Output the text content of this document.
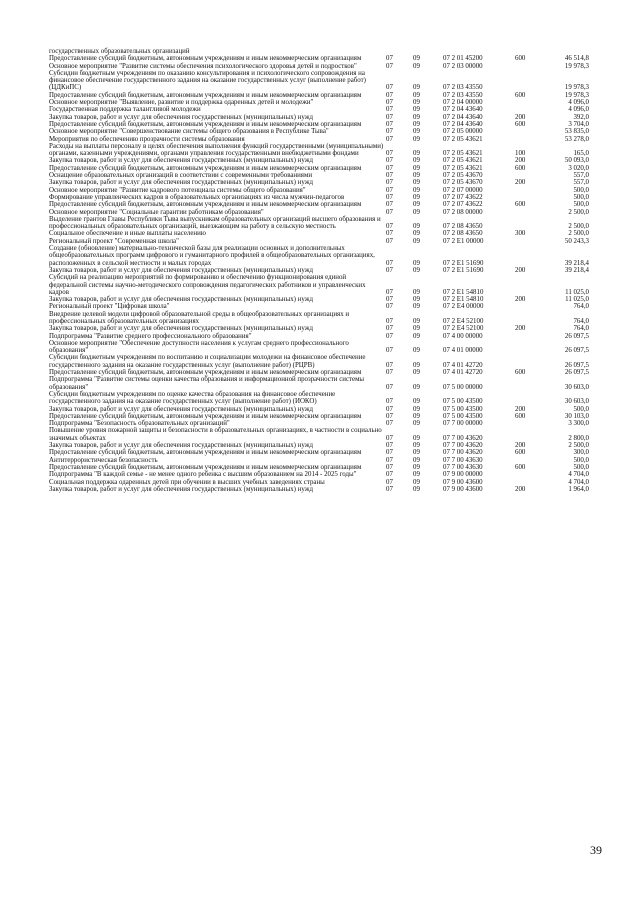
государственных образовательных организаций
Предоставление субсидий бюджетным, автономным учреждениям и иным некоммерческим организациям	07	09	07 2 01 45200	600	46 514,8
Основное мероприятие "Развитие системы обеспечения психологического здоровья детей и подростков"	07	09	07 2 03 00000	19 978,3
Субсидии бюджетным учреждениям по оказанию консультирования и психологического сопровождения на финансовое обеспечение государственного задания на оказание государственных услуг (выполнение работ) (ЦДКиПС)	07	09	07 2 03 43550	19 978,3
Предоставление субсидий бюджетным, автономным учреждениям и иным некоммерческим организациям	07	09	07 2 03 43550	600	19 978,3
Основное мероприятие "Выявление, развитие и поддержка одаренных детей и молодежи"	07	09	07 2 04 00000	4 096,0
Государственная поддержка талантливой молодежи	07	09	07 2 04 43640	4 096,0
Закупка товаров, работ и услуг для обеспечения государственных (муниципальных) нужд	07	09	07 2 04 43640	200	392,0
Предоставление субсидий бюджетным, автономным учреждениям и иным некоммерческим организациям	07	09	07 2 04 43640	600	3 704,0
Основное мероприятие "Совершенствование системы общего образования в Республике Тыва"	07	09	07 2 05 00000	53 835,0
Мероприятия по обеспечению прозрачности системы образования	07	09	07 2 05 43621	53 278,0
Расходы на выплаты персоналу в целях обеспечения выполнения функций государственными (муниципальными) органами, казенными учреждениями, органами управления государственными внебюджетными фондами	07	09	07 2 05 43621	100	165,0
Закупка товаров, работ и услуг для обеспечения государственных (муниципальных) нужд	07	09	07 2 05 43621	200	50 093,0
Предоставление субсидий бюджетным, автономным учреждениям и иным некоммерческим организациям	07	09	07 2 05 43621	600	3 020,0
Оснащение образовательных организаций в соответствии с современными требованиями	07	09	07 2 05 43670	557,0
Закупка товаров, работ и услуг для обеспечения государственных (муниципальных) нужд	07	09	07 2 05 43670	200	557,0
Основное мероприятие "Развитие кадрового потенциала системы общего образования"	07	09	07 2 07 00000	500,0
Формирование управленческих кадров в образовательных организациях из числа мужчин-педагогов	07	09	07 2 07 43622	500,0
Предоставление субсидий бюджетным, автономным учреждениям и иным некоммерческим организациям	07	09	07 2 07 43622	600	500,0
Основное мероприятие "Социальные гарантии работникам образования"	07	09	07 2 08 00000	2 500,0
Выделение грантов Главы Республики Тыва выпускникам образовательных организаций высшего образования и профессиональных образовательных организаций, выезжающим на работу в сельскую местность	07	09	07 2 08 43650	2 500,0
Социальное обеспечение и иные выплаты населению	07	09	07 2 08 43650	300	2 500,0
Региональный проект "Современная школа"	07	09	07 2 E1 00000	50 243,3
Создание (обновление) материально-технической базы для реализации основных и дополнительных общеобразовательных программ цифрового и гуманитарного профилей в общеобразовательных организациях, расположенных в сельской местности и малых городах	07	09	07 2 E1 51690	39 218,4
Закупка товаров, работ и услуг для обеспечения государственных (муниципальных) нужд	07	09	07 2 E1 51690	200	39 218,4
Субсидий на реализацию мероприятий по формированию и обеспечению функционирования единой федеральной системы научно-методического сопровождения педагогических работников и управленческих кадров	07	09	07 2 E1 54810	11 025,0
Закупка товаров, работ и услуг для обеспечения государственных (муниципальных) нужд	07	09	07 2 E1 54810	200	11 025,0
Региональный проект "Цифровая школа"	07	09	07 2 E4 00000	764,0
Внедрение целевой модели цифровой образовательной среды в общеобразовательных организациях и профессиональных образовательных организациях	07	09	07 2 E4 52100	764,0
Закупка товаров, работ и услуг для обеспечения государственных (муниципальных) нужд	07	09	07 2 E4 52100	200	764,0
Подпрограмма "Развитие среднего профессионального образования"	07	09	07 4 00 00000	26 097,5
Основное мероприятие "Обеспечение доступности населения к услугам среднего профессионального образования"	07	09	07 4 01 00000	26 097,5
Субсидии бюджетным учреждениям по воспитанию и социализации молодежи на финансовое обеспечение государственного задания на оказание государственных услуг (выполнение работ) (РЦРВ)	07	09	07 4 01 42720	26 097,5
Предоставление субсидий бюджетным, автономным учреждениям и иным некоммерческим организациям	07	09	07 4 01 42720	600	26 097,5
Подпрограмма "Развитие системы оценки качества образования и информационной прозрачности системы образования"	07	09	07 5 00 00000	30 603,0
Субсидии бюджетным учреждениям по оценке качества образования на финансовое обеспечение государственного задания на оказание государственных услуг (выполнение работ) (ИОКО)	07	09	07 5 00 43500	30 603,0
Закупка товаров, работ и услуг для обеспечения государственных (муниципальных) нужд	07	09	07 5 00 43500	200	500,0
Предоставление субсидий бюджетным, автономным учреждениям и иным некоммерческим организациям	07	09	07 5 00 43500	600	30 103,0
Подпрограмма "Безопасность образовательных организаций"	07	09	07 7 00 00000	3 300,0
Повышение уровня пожарной защиты и безопасности в образовательных организациях, в частности в социально значимых объектах	07	09	07 7 00 43620	2 800,0
Закупка товаров, работ и услуг для обеспечения государственных (муниципальных) нужд	07	09	07 7 00 43620	200	2 500,0
Предоставление субсидий бюджетным, автономным учреждениям и иным некоммерческим организациям	07	09	07 7 00 43620	600	300,0
Антитеррористическая безопасность	07	09	07 7 00 43630	500,0
Предоставление субсидий бюджетным, автономным учреждениям и иным некоммерческим организациям	07	09	07 7 00 43630	600	500,0
Подпрограмма "В каждой семье - не менее одного ребенка с высшим образованием на 2014 - 2025 годы"	07	09	07 9 00 00000	4 704,0
Социальная поддержка одаренных детей при обучении в высших учебных заведениях страны	07	09	07 9 00 43600	4 704,0
Закупка товаров, работ и услуг для обеспечения государственных (муниципальных) нужд	07	09	07 9 00 43600	200	1 964,0
39
